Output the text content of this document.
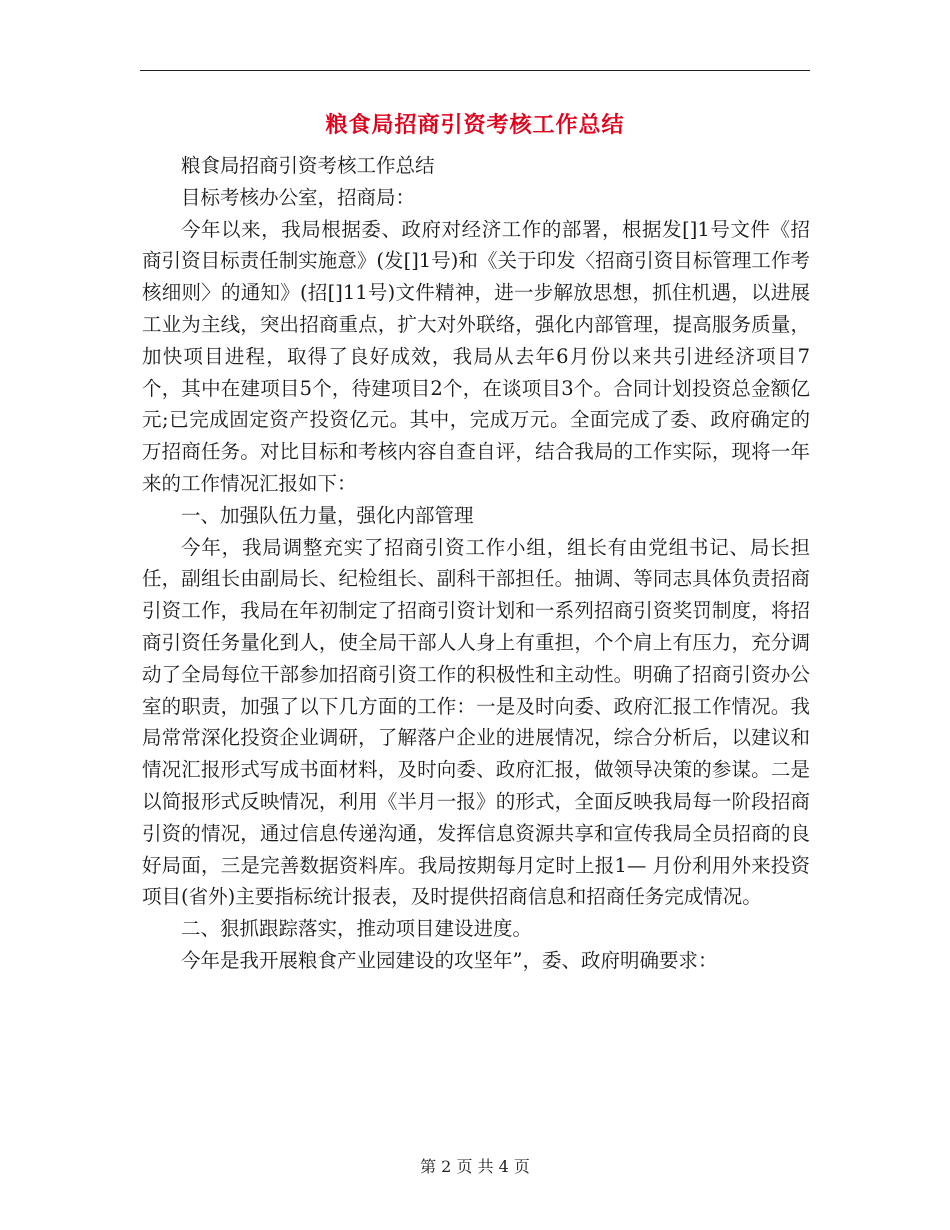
粮食局招商引资考核工作总结

粮食局招商引资考核工作总结

目标考核办公室，招商局：

今年以来，我局根据委、政府对经济工作的部署，根据发[]1号文件《招商引资目标责任制实施意》(发[]1号)和《关于印发〈招商引资目标管理工作考核细则〉的通知》(招[]11号)文件精神，进一步解放思想，抓住机遇，以进展工业为主线，突出招商重点，扩大对外联络，强化内部管理，提高服务质量，加快项目进程，取得了良好成效，我局从去年6月份以来共引进经济项目7个，其中在建项目5个，待建项目2个，在谈项目3个。合同计划投资总金额亿元;已完成固定资产投资亿元。其中，完成万元。全面完成了委、政府确定的万招商任务。对比目标和考核内容自查自评，结合我局的工作实际，现将一年来的工作情况汇报如下：

一、加强队伍力量，强化内部管理

今年，我局调整充实了招商引资工作小组，组长有由党组书记、局长担任，副组长由副局长、纪检组长、副科干部担任。抽调、等同志具体负责招商引资工作，我局在年初制定了招商引资计划和一系列招商引资奖罚制度，将招商引资任务量化到人，使全局干部人人身上有重担，个个肩上有压力，充分调动了全局每位干部参加招商引资工作的积极性和主动性。明确了招商引资办公室的职责，加强了以下几方面的工作：一是及时向委、政府汇报工作情况。我局常常深化投资企业调研，了解落户企业的进展情况，综合分析后，以建议和情况汇报形式写成书面材料，及时向委、政府汇报，做领导决策的参谋。二是以简报形式反映情况，利用《半月一报》的形式，全面反映我局每一阶段招商引资的情况，通过信息传递沟通，发挥信息资源共享和宣传我局全员招商的良好局面，三是完善数据资料库。我局按期每月定时上报1— 月份利用外来投资项目(省外)主要指标统计报表，及时提供招商信息和招商任务完成情况。

二、狠抓跟踪落实，推动项目建设进度。

今年是我开展粮食产业园建设的攻坚年”，委、政府明确要求：

第 2 页 共 4 页
